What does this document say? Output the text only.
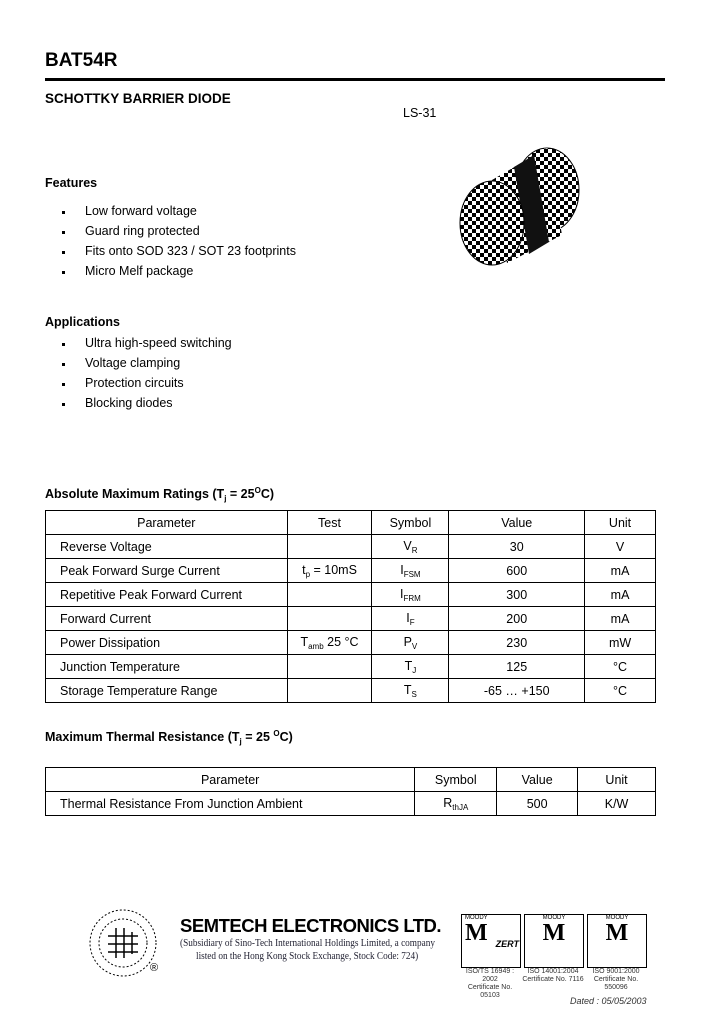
BAT54R
SCHOTTKY BARRIER DIODE
LS-31
Features
Low forward voltage
Guard ring protected
Fits onto SOD 323 / SOT 23 footprints
Micro Melf package
Applications
Ultra high-speed switching
Voltage clamping
Protection circuits
Blocking diodes
Absolute Maximum Ratings $(T_j = 25^OC)$
Parameter	Test	Symbol	Value	Unit
Reverse Voltage		$V_R$	30	V
Peak Forward Surge Current	$t_p = 10mS$	$I_{FSM}$	600	mA
Repetitive Peak Forward Current		$I_{FRM}$	300	mA
Forward Current		$I_F$	200	mA
Power Dissipation	$T_{amb}$ 25 °C	$P_V$	230	mW
Junction Temperature		$T_J$	125	°C
Storage Temperature Range		$T_S$	-65 … +150	°C
Maximum Thermal Resistance ($T_j = 25$ $^O$C)
Parameter	Symbol	Value	Unit
Thermal Resistance From Junction Ambient	$R_{thJA}$	500	K/W
®
SEMTECH ELECTRONICS LTD.
(Subsidiary of Sino-Tech International Holdings Limited, a company
listed on the Hong Kong Stock Exchange, Stock Code: 724)
MOODY
M ZERT
MOODY
M
MOODY
M
ISO/TS 16949 : 2002
Certificate No. 05103
ISO 14001:2004
Certificate No. 7116
ISO 9001:2000
Certificate No. 550096
Dated : 05/05/2003
